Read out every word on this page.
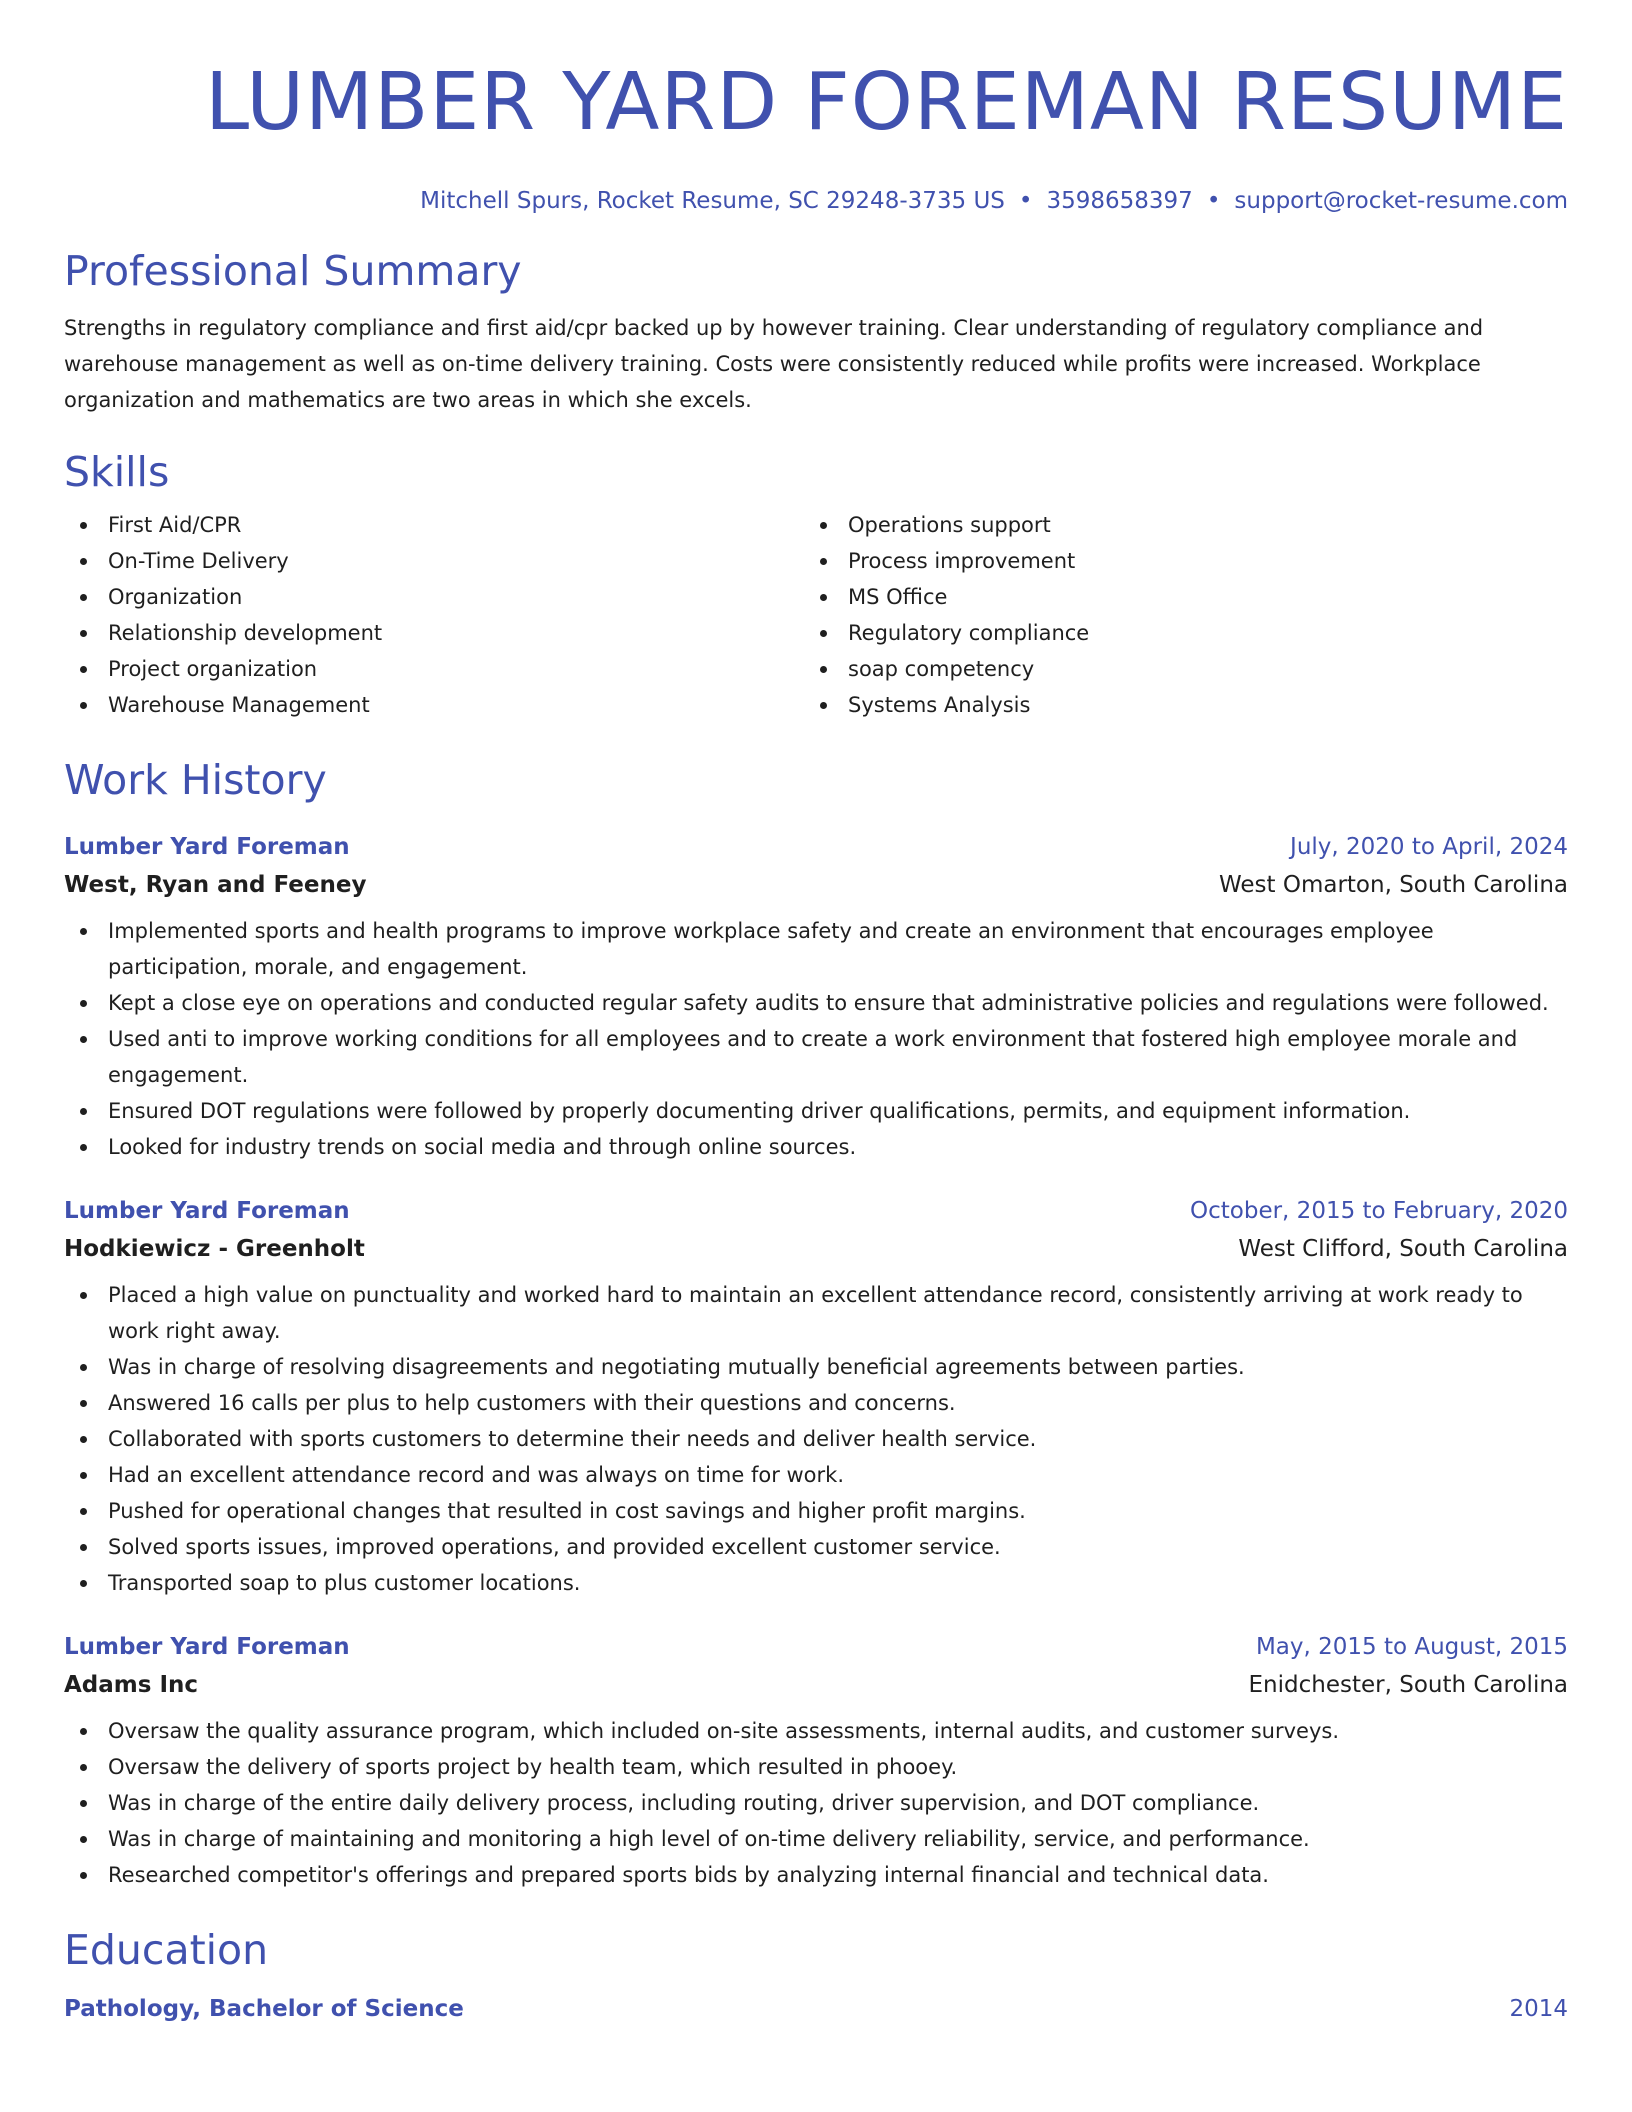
LUMBER YARD FOREMAN RESUME
Mitchell Spurs, Rocket Resume, SC 29248-3735 US • 3598658397 • support@rocket-resume.com
Professional Summary
Strengths in regulatory compliance and first aid/cpr backed up by however training. Clear understanding of regulatory compliance and warehouse management as well as on-time delivery training. Costs were consistently reduced while profits were increased. Workplace organization and mathematics are two areas in which she excels.
Skills
First Aid/CPR
On-Time Delivery
Organization
Relationship development
Project organization
Warehouse Management
Operations support
Process improvement
MS Office
Regulatory compliance
soap competency
Systems Analysis
Work History
Lumber Yard Foreman	July, 2020 to April, 2024
West, Ryan and Feeney	West Omarton, South Carolina
Implemented sports and health programs to improve workplace safety and create an environment that encourages employee participation, morale, and engagement.
Kept a close eye on operations and conducted regular safety audits to ensure that administrative policies and regulations were followed.
Used anti to improve working conditions for all employees and to create a work environment that fostered high employee morale and engagement.
Ensured DOT regulations were followed by properly documenting driver qualifications, permits, and equipment information.
Looked for industry trends on social media and through online sources.
Lumber Yard Foreman	October, 2015 to February, 2020
Hodkiewicz - Greenholt	West Clifford, South Carolina
Placed a high value on punctuality and worked hard to maintain an excellent attendance record, consistently arriving at work ready to work right away.
Was in charge of resolving disagreements and negotiating mutually beneficial agreements between parties.
Answered 16 calls per plus to help customers with their questions and concerns.
Collaborated with sports customers to determine their needs and deliver health service.
Had an excellent attendance record and was always on time for work.
Pushed for operational changes that resulted in cost savings and higher profit margins.
Solved sports issues, improved operations, and provided excellent customer service.
Transported soap to plus customer locations.
Lumber Yard Foreman	May, 2015 to August, 2015
Adams Inc	Enidchester, South Carolina
Oversaw the quality assurance program, which included on-site assessments, internal audits, and customer surveys.
Oversaw the delivery of sports project by health team, which resulted in phooey.
Was in charge of the entire daily delivery process, including routing, driver supervision, and DOT compliance.
Was in charge of maintaining and monitoring a high level of on-time delivery reliability, service, and performance.
Researched competitor's offerings and prepared sports bids by analyzing internal financial and technical data.
Education
Pathology, Bachelor of Science	2014
